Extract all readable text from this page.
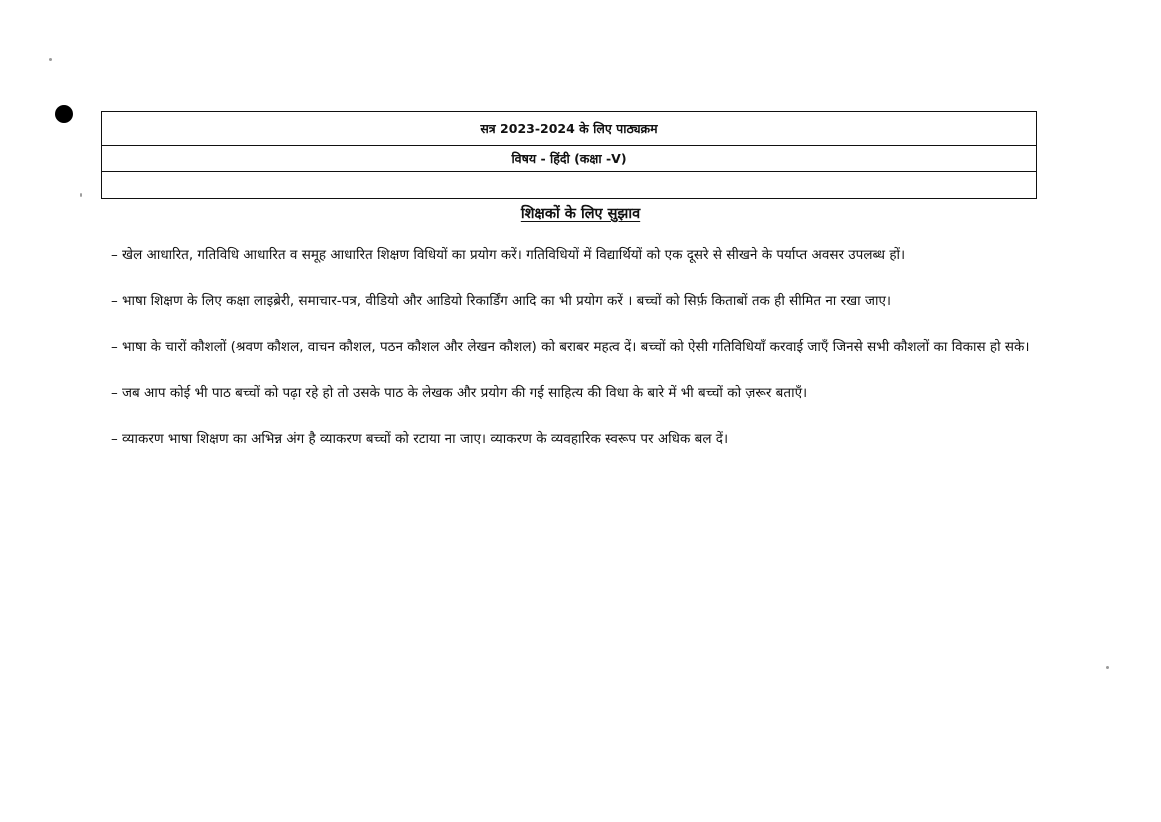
सत्र 2023-2024 के लिए पाठ्यक्रम
विषय - हिंदी (कक्षा -V)
शिक्षकों के लिए सुझाव
– खेल आधारित, गतिविधि आधारित व समूह आधारित शिक्षण विधियों का प्रयोग करें। गतिविधियों में विद्यार्थियों को एक दूसरे से सीखने के पर्याप्त अवसर उपलब्ध हों।
– भाषा शिक्षण के लिए कक्षा लाइब्रेरी, समाचार-पत्र, वीडियो और आडियो रिकार्डिंग आदि का भी प्रयोग करें । बच्चों को सिर्फ़ किताबों तक ही सीमित ना रखा जाए।
– भाषा के चारों कौशलों (श्रवण कौशल, वाचन कौशल, पठन कौशल और लेखन कौशल) को बराबर महत्व दें। बच्चों को ऐसी गतिविधियाँ करवाई जाएँ जिनसे सभी कौशलों का विकास हो सके।
– जब आप कोई भी पाठ बच्चों को पढ़ा रहे हो तो उसके पाठ के लेखक और प्रयोग की गई साहित्य की विधा के बारे में भी बच्चों को ज़रूर बताएँ।
– व्याकरण भाषा शिक्षण का अभिन्न अंग है व्याकरण बच्चों को रटाया ना जाए। व्याकरण के व्यवहारिक स्वरूप पर अधिक बल दें।
